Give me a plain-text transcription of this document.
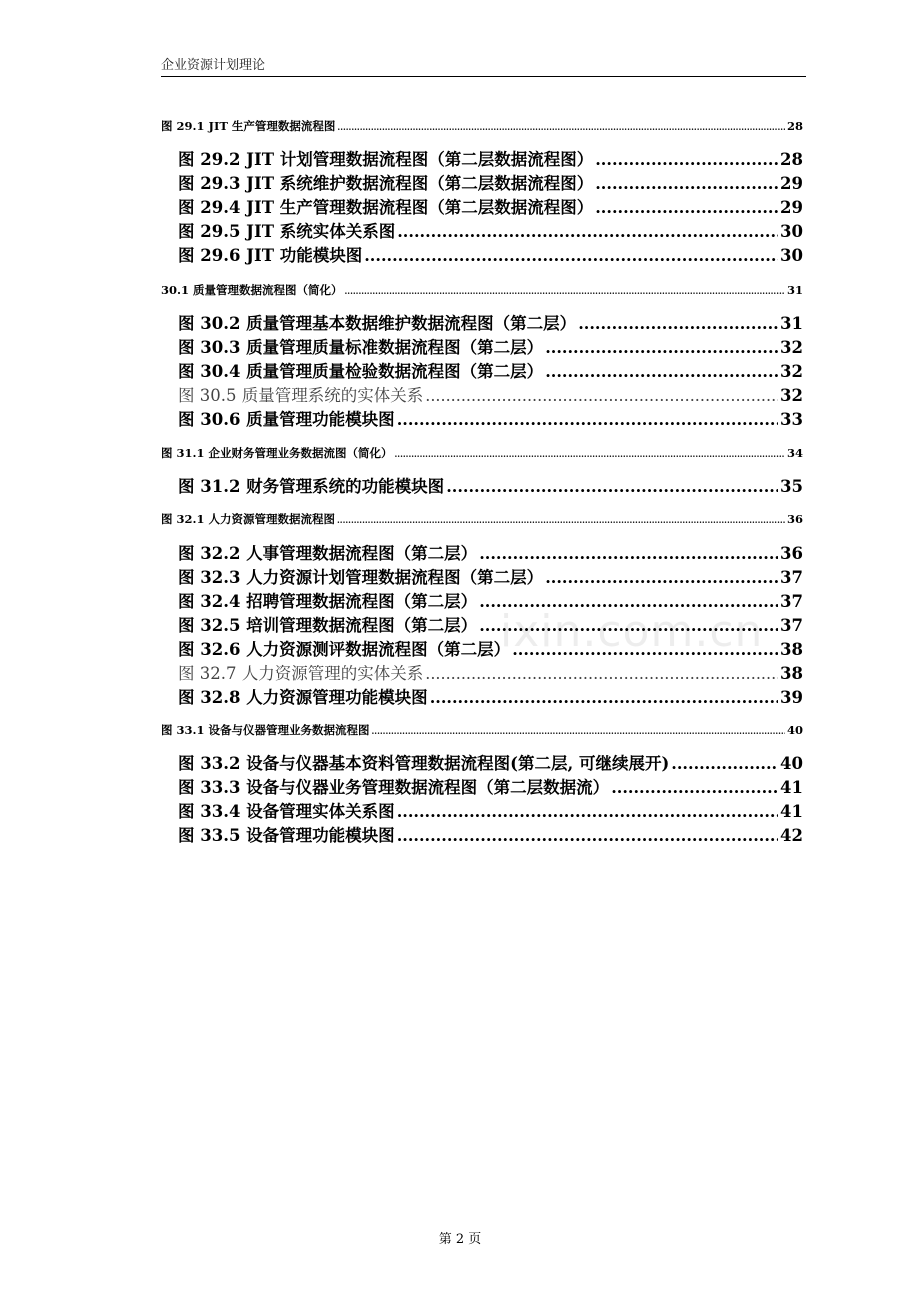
企业资源计划理论
图 29.1 JIT 生产管理数据流程图 .....	28
图 29.2 JIT 计划管理数据流程图（第二层数据流程图） .....	28
图 29.3 JIT 系统维护数据流程图（第二层数据流程图） .....	29
图 29.4 JIT 生产管理数据流程图（第二层数据流程图） .....	29
图 29.5 JIT 系统实体关系图 .....	30
图 29.6 JIT 功能模块图 .....	30
30.1 质量管理数据流程图（简化） .....	31
图 30.2 质量管理基本数据维护数据流程图（第二层） .....	31
图 30.3 质量管理质量标准数据流程图（第二层） .....	32
图 30.4 质量管理质量检验数据流程图（第二层） .....	32
图 30.5 质量管理系统的实体关系 .....	32
图 30.6 质量管理功能模块图 .....	33
图 31.1 企业财务管理业务数据流图（简化） .....	34
图 31.2 财务管理系统的功能模块图 .....	35
图 32.1 人力资源管理数据流程图 .....	36
图 32.2 人事管理数据流程图（第二层） .....	36
图 32.3 人力资源计划管理数据流程图（第二层） .....	37
图 32.4 招聘管理数据流程图（第二层） .....	37
图 32.5 培训管理数据流程图（第二层） .....	37
图 32.6 人力资源测评数据流程图（第二层） .....	38
图 32.7 人力资源管理的实体关系 .....	38
图 32.8 人力资源管理功能模块图 .....	39
图 33.1 设备与仪器管理业务数据流程图 .....	40
图 33.2 设备与仪器基本资料管理数据流程图(第二层, 可继续展开) .....	40
图 33.3 设备与仪器业务管理数据流程图（第二层数据流） .....	41
图 33.4 设备管理实体关系图 .....	41
图 33.5 设备管理功能模块图 .....	42
ixin.com.cn
第 2 页
